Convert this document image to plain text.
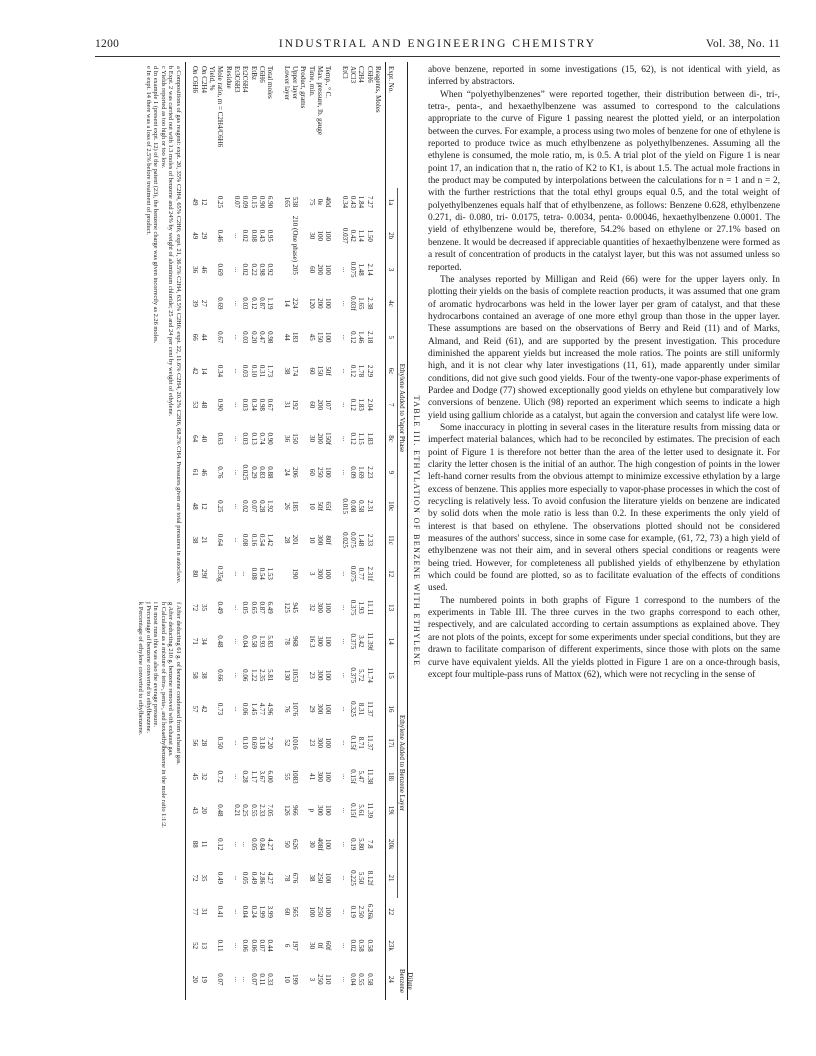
1200	INDUSTRIAL AND ENGINEERING CHEMISTRY	Vol. 38, No. 11
TABLE III. ETHYLATION OF BENZENE WITH ETHYLENE
Ethylene Added to Vapor Phase
Ethylene Added to Benzene Layer
Dilute Benzene
Expt. No.
Reagents, Moles
C6H6
C2H4
AlCl3
EtCl
Temp., ° C.
Max. pressure, lb. gauge
Time, min.
Product, grams
Upper layer
Lower layer
Total moles
C6H6
EtBz
Et2C6H4
Et3C6H3
Residue
Mole ratio, m = C2H4/C6H6
Yield, %
On C2H4
On C6H6
1a
7.27
1.84
0.43
0.34
40d
0e
75
538
165
6.90
0.90
0.15
0.09
0.07
0.25
12
49
2b
1.50
1.14
0.42
0.037
100
100
30
210 (One phase)
0.95
0.43
0.08
0.02
...
0.46
29
49
3
2.14
1.48
0.075
...
100
200
60
205
0.92
0.98
0.22
0.02
...
0.69
46
36
4c
2.38
1.65
0.03f
...
100
200
120
224
14
1.19
0.87
0.12
0.03
...
0.69
27
39
5
2.18
1.46
0.12
...
100
150
45
183
44
0.98
0.47
0.20
0.03
...
0.67
44
66
6c
2.29
1.78
0.12
...
50f
150
60
174
38
1.73
0.31
0.10
0.03
...
0.34
14
42
7
2.04
1.83
0.12
...
107
200
60
192
31
0.67
0.98
0.34
0.03
...
0.90
48
53
8c
1.83
1.15
0.12
...
150f
200
30
150
36
0.90
0.74
0.13
0.03
...
0.63
40
64
9
2.23
1.69
0.09
...
100
250
60
206
24
0.88
0.83
0.29
0.025
...
0.76
46
61
10c
2.31
0.58
0.08
0.015
65f
50f
10
185
26
1.92
0.28
0.07
0.02
...
0.25
12
48
11c
2.33
1.48
0.075
0.025
80f
300
10
201
28
1.42
0.54
0.16
0.08
...
0.64
21
38
12
2.31f
0.77
0.075
...
100
300
3
190
1.53
0.54
0.08
...
...
0.35g
29f
80
13
11.11
1.93
0.375
...
100
300
32
945
125
6.49
0.87
0.65
0.05
...
0.49
35
72
14
11.39f
3.42
0.375
...
100
300
16.3
968
78
5.83
1.93
0.58
0.04
...
0.48
34
71
15
11.74
5.72
0.375
...
100
300
23
1053
130
5.81
2.35
1.22
0.06
...
0.66
38
58
16
11.37
8.31
0.325
...
100
300
29
1076
76
4.96
4.77
1.45
0.06
...
0.73
42
57
17i
11.37
8.71
0.15f
...
100
300
23
1016
52
7.20
3.18
0.69
0.10
...
0.50
28
56
18i
11.38
5.47
0.15f
...
100
300
41
1083
55
6.00
3.67
1.17
0.28
...
0.72
32
45
19i
11.39
5.61
0.15f
...
100
300
p
966
126
7.05
2.33
0.55
0.25
0.21
0.48
20
43
20k
7.8
5.80
0.19
...
100
408f
30
626
50
4.27
0.84
0.05
...
...
0.12
11
88
21
8.12f
5.50
0.225
...
100
250
38
676
78
4.27
2.86
0.49
0.05
...
0.49
35
72
22
6.26k
2.50
0.19
...
100
250
100
565
60
3.99
1.99
0.24
0.04
...
0.41
31
77
23k
0.58
0.58
0.02
...
60f
0f
30
197
6
0.44
0.07
0.06
0.06
...
0.11
13
52
24
0.58
0.55
0.04
...
110
250
3
199
10
0.33
0.11
0.07
...
...
0.07
19
20
a Compositions of gas reagent: expt. 20, 35% C2H4, 65% C2H6; expt. 21, 36.5% C2H4, 63.5% C2H6; expt. 22, 11.6% C2H4, 20.2% C2H6, 68.2% CH4. Pressures given are total pressures in autoclave.
b Expt. 2 was carried out with 1.3 moles of benzene and 24% by weight of aluminum chloride; 25 and 24 per cent by weight of ethylene.
c Yields reported as too high or too low.
d In example 1 (present expt. 12) of the patent (23), the benzene charge was given incorrectly as 2.26 moles.
e In expt. 14 there was a loss of 2.5% before treatment of product.
f After deducting 61 g. of benzene condensed from exhaust gas.
g After deducting 210 g. benzene removed with exhaust gas.
h Calculated as a mixture of tetra-, penta-, and hexaethylbenzene in the mole ratio 1:1:2.
i In most runs this was also the average pressure.
j Percentage of benzene converted to ethylbenzene.
k Percentage of ethylene converted to ethylbenzene.

above benzene, reported in some investigations (15, 62), is not identical with yield, as inferred by abstractors.

When “polyethylbenzenes” were reported together, their distribution between di-, tri-, tetra-, penta-, and hexaethylbenzene was assumed to correspond to the calculations appropriate to the curve of Figure 1 passing nearest the plotted yield, or an interpolation between the curves. For example, a process using two moles of benzene for one of ethylene is reported to produce twice as much ethylbenzene as polyethylbenzenes. Assuming all the ethylene is consumed, the mole ratio, m, is 0.5. A trial plot of the yield on Figure 1 is near point 17, an indication that n, the ratio of K2 to K1, is about 1.5. The actual mole fractions in the product may be computed by interpolations between the calculations for n = 1 and n = 2, with the further restrictions that the total ethyl groups equal 0.5, and the total weight of polyethylbenzenes equals half that of ethylbenzene, as follows: Benzene 0.628, ethylbenzene 0.271, di- 0.080, tri- 0.0175, tetra- 0.0034, penta- 0.00046, hexaethylbenzene 0.0001. The yield of ethylbenzene would be, therefore, 54.2% based on ethylene or 27.1% based on benzene. It would be decreased if appreciable quantities of hexaethylbenzene were formed as a result of concentration of products in the catalyst layer, but this was not assumed unless so reported.

The analyses reported by Milligan and Reid (66) were for the upper layers only. In plotting their yields on the basis of complete reaction products, it was assumed that one gram of aromatic hydrocarbons was held in the lower layer per gram of catalyst, and that these hydrocarbons contained an average of one more ethyl group than those in the upper layer. These assumptions are based on the observations of Berry and Reid (11) and of Marks, Almand, and Reid (61), and are supported by the present investigation. This procedure diminished the apparent yields but increased the mole ratios. The points are still uniformly high, and it is not clear why later investigations (11, 61), made apparently under similar conditions, did not give such good yields. Four of the twenty-one vapor-phase experiments of Pardee and Dodge (77) showed exceptionally good yields on ethylene but comparatively low conversions of benzene. Ulich (98) reported an experiment which seems to indicate a high yield using gallium chloride as a catalyst, but again the conversion and catalyst life were low.

Some inaccuracy in plotting in several cases in the literature results from missing data or imperfect material balances, which had to be reconciled by estimates. The precision of each point of Figure 1 is therefore not better than the area of the letter used to designate it. For clarity the letter chosen is the initial of an author. The high congestion of points in the lower left-hand corner results from the obvious attempt to minimize excessive ethylation by a large excess of benzene. This applies more especially to vapor-phase processes in which the cost of recycling is relatively less. To avoid confusion the literature yields on benzene are indicated by solid dots when the mole ratio is less than 0.2. In these experiments the only yield of interest is that based on ethylene. The observations plotted should not be considered measures of the authors' success, since in some case for example, (61, 72, 73) a high yield of ethylbenzene was not their aim, and in several others special conditions or reagents were being tried. However, for completeness all published yields of ethylbenzene by ethylation which could be found are plotted, so as to facilitate evaluation of the effects of conditions used.

The numbered points in both graphs of Figure 1 correspond to the numbers of the experiments in Table III. The three curves in the two graphs correspond to each other, respectively, and are calculated according to certain assumptions as explained above. They are not plots of the points, except for some experiments under special conditions, but they are drawn to facilitate comparison of different experiments, since those with plots on the same curve have equivalent yields. All the yields plotted in Figure 1 are on a once-through basis, except four multiple-pass runs of Mattox (62), which were not recycling in the sense of
